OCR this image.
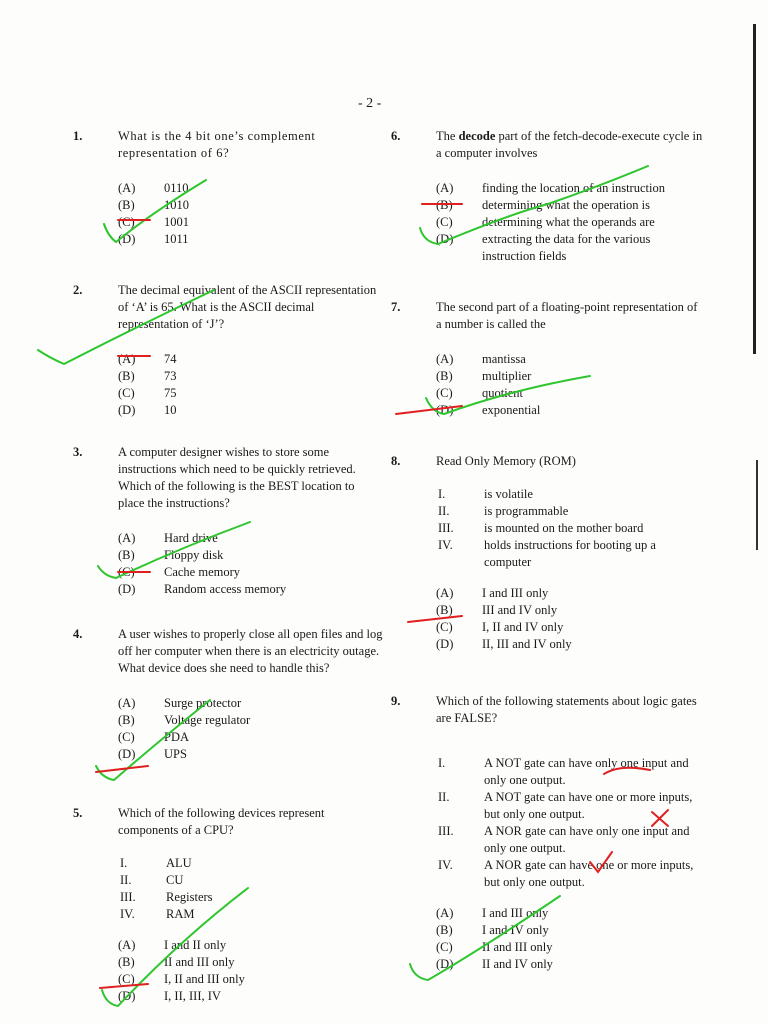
- 2 -
1.	What is the 4 bit one’s complement representation of 6?

(A)	0110
(B)	1010
(C)	1001
(D)	1011
2.	The decimal equivalent of the ASCII representation of ‘A’ is 65. What is the ASCII decimal representation of ‘J’?

(A)	74
(B)	73
(C)	75
(D)	10
3.	A computer designer wishes to store some instructions which need to be quickly retrieved. Which of the following is the BEST location to place the instructions?

(A)	Hard drive
(B)	Floppy disk
(C)	Cache memory
(D)	Random access memory
4.	A user wishes to properly close all open files and log off her computer when there is an electricity outage. What device does she need to handle this?

(A)	Surge protector
(B)	Voltage regulator
(C)	PDA
(D)	UPS
5.	Which of the following devices represent components of a CPU?

I.	ALU
II.	CU
III.	Registers
IV.	RAM
(A)	I and II only
(B)	II and III only
(C)	I, II and III only
(D)	I, II, III, IV
6.	The decode part of the fetch-decode-execute cycle in a computer involves

(A)	finding the location of an instruction
(B)	determining what the operation is
(C)	determining what the operands are
(D)	extracting the data for the various instruction fields
7.	The second part of a floating-point representation of a number is called the

(A)	mantissa
(B)	multiplier
(C)	quotient
(D)	exponential
8.	Read Only Memory (ROM)

I.	is volatile
II.	is programmable
III.	is mounted on the mother board
IV.	holds instructions for booting up a computer
(A)	I and III only
(B)	III and IV only
(C)	I, II and IV only
(D)	II, III and IV only
9.	Which of the following statements about logic gates are FALSE?

I.	A NOT gate can have only one input and only one output.
II.	A NOT gate can have one or more inputs, but only one output.
III.	A NOR gate can have only one input and only one output.
IV.	A NOR gate can have one or more inputs, but only one output.
(A)	I and III only
(B)	I and IV only
(C)	II and III only
(D)	II and IV only
